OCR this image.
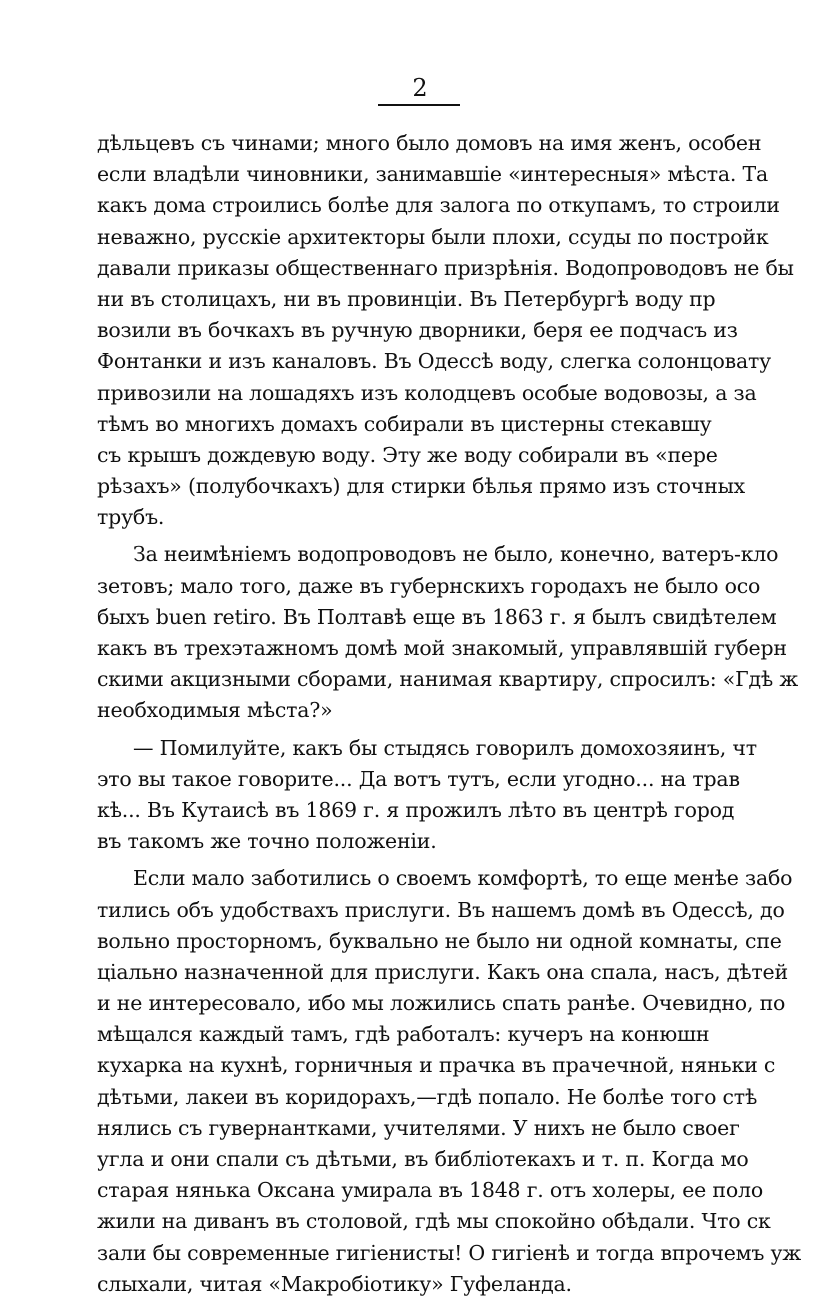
2
дѣльцевъ съ чинами; много было домовъ на имя женъ, особен
если владѣли чиновники, занимавшіе «интересныя» мѣста. Та
какъ дома строились болѣе для залога по откупамъ, то строили
неважно, русскіе архитекторы были плохи, ссуды по постройк
давали приказы общественнаго призрѣнія. Водопроводовъ не бы
ни въ столицахъ, ни въ провинціи. Въ Петербургѣ воду пр
возили въ бочкахъ въ ручную дворники, беря ее подчасъ из
Фонтанки и изъ каналовъ. Въ Одессѣ воду, слегка солонцовату
привозили на лошадяхъ изъ колодцевъ особые водовозы, а за
тѣмъ во многихъ домахъ собирали въ цистерны стекавшу
съ крышъ дождевую воду. Эту же воду собирали въ «пере
рѣзахъ» (полубочкахъ) для стирки бѣлья прямо изъ сточных
трубъ.
За неимѣніемъ водопроводовъ не было, конечно, ватеръ-кло
зетовъ; мало того, даже въ губернскихъ городахъ не было осо
быхъ buen retiro. Въ Полтавѣ еще въ 1863 г. я былъ свидѣтелем
какъ въ трехэтажномъ домѣ мой знакомый, управлявшій губерн
скими акцизными сборами, нанимая квартиру, спросилъ: «Гдѣ ж
необходимыя мѣста?»
— Помилуйте, какъ бы стыдясь говорилъ домохозяинъ, чт
это вы такое говорите... Да вотъ тутъ, если угодно... на трав
кѣ... Въ Кутаисѣ въ 1869 г. я прожилъ лѣто въ центрѣ город
въ такомъ же точно положеніи.
Если мало заботились о своемъ комфортѣ, то еще менѣе забо
тились объ удобствахъ прислуги. Въ нашемъ домѣ въ Одессѣ, до
вольно просторномъ, буквально не было ни одной комнаты, спе
ціально назначенной для прислуги. Какъ она спала, насъ, дѣтей
и не интересовало, ибо мы ложились спать ранѣе. Очевидно, по
мѣщался каждый тамъ, гдѣ работалъ: кучеръ на конюшн
кухарка на кухнѣ, горничныя и прачка въ прачечной, няньки с
дѣтьми, лакеи въ коридорахъ,—гдѣ попало. Не болѣе того стѣ
нялись съ гувернантками, учителями. У нихъ не было своег
угла и они спали съ дѣтьми, въ библіотекахъ и т. п. Когда мо
старая нянька Оксана умирала въ 1848 г. отъ холеры, ее поло
жили на диванъ въ столовой, гдѣ мы спокойно обѣдали. Что ск
зали бы современные гигіенисты! О гигіенѣ и тогда впрочемъ уж
слыхали, читая «Макробіотику» Гуфеланда.
